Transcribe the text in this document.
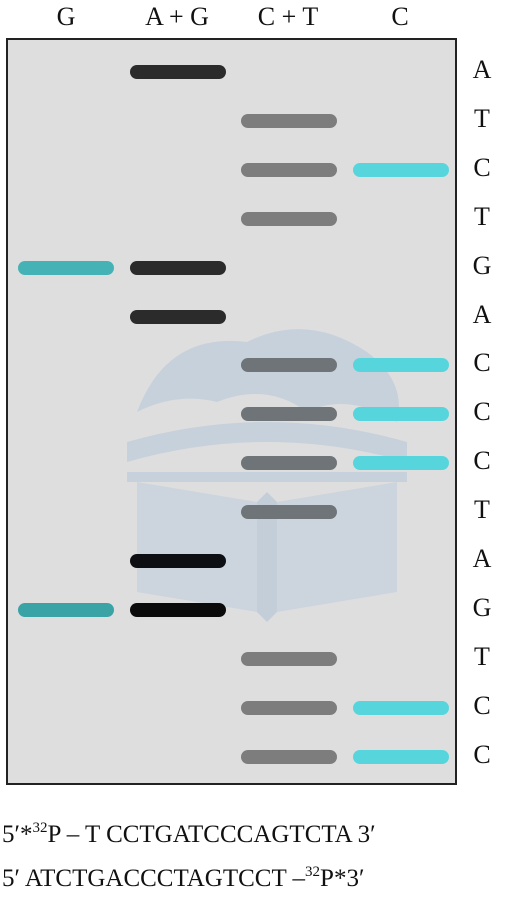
G	A + G	C + T	C
A
T
C
T
G
A
C
C
C
T
A
G
T
C
C
5′*$^{32}$P – T CCTGATCCCAGTCTA 3′
5′ ATCTGACCCTAGTCCT –$^{32}$P*3′
